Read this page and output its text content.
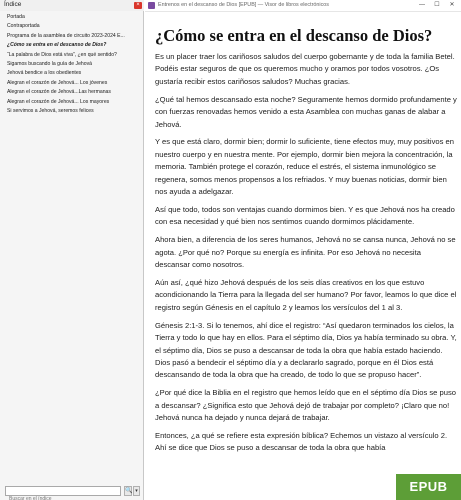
Índice	×
Portada
Contraportada
Programa de la asamblea de circuito 2023-2024 E...
¿Cómo se entra en el descanso de Dios?
“La palabra de Dios está viva”, ¿en qué sentido?
Sigamos buscando la guía de Jehová
Jehová bendice a los obedientes
Alegran el corazón de Jehová... Los jóvenes
Alegran el corazón de Jehová...Las hermanas
Alegran el corazón de Jehová... Los mayores
Si servimos a Jehová, seremos felices
Buscar en el índice
🔍 ▾
Entrenos en el descanso de Dios [EPUB] — Visor de libros electrónicos	—	☐	✕
¿Cómo se entra en el descanso de Dios?

Es un placer traer los cariñosos saludos del cuerpo gobernante y de toda la familia Betel. Podéis estar seguros de que os queremos mucho y oramos por todos vosotros. ¿Os gustaría recibir estos cariñosos saludos? Muchas gracias.

¿Qué tal hemos descansado esta noche? Seguramente hemos dormido profundamente y con fuerzas renovadas hemos venido a esta Asamblea con muchas ganas de alabar a Jehová.

Y es que está claro, dormir bien; dormir lo suficiente, tiene efectos muy, muy positivos en nuestro cuerpo y en nuestra mente. Por ejemplo, dormir bien mejora la concentración, la memoria. También protege el corazón, reduce el estrés, el sistema inmunológico se regenera, somos menos propensos a los refriados. Y muy buenas noticias, dormir bien nos ayuda a adelgazar.

Así que todo, todos son ventajas cuando dormimos bien. Y es que Jehová nos ha creado con esa necesidad y qué bien nos sentimos cuando dormimos plácidamente.

Ahora bien, a diferencia de los seres humanos, Jehová no se cansa nunca, Jehová no se agota. ¿Por qué no? Porque su energía es infinita. Por eso Jehová no necesita descansar como nosotros.

Aún así, ¿qué hizo Jehová después de los seis días creativos en los que estuvo acondicionando la Tierra para la llegada del ser humano? Por favor, leamos lo que dice el registro según Génesis en el capítulo 2 y leamos los versículos del 1 al 3.

Génesis 2:1-3. Si lo tenemos, ahí dice el registro: “Así quedaron terminados los cielos, la Tierra y todo lo que hay en ellos. Para el séptimo día, Dios ya había terminado su obra. Y, el séptimo día, Dios se puso a descansar de toda la obra que había estado haciendo. Dios pasó a bendecir el séptimo día y a declararlo sagrado, porque en él Dios está descansando de toda la obra que ha creado, de todo lo que se propuso hacer”.

¿Por qué dice la Biblia en el registro que hemos leído que en el séptimo día Dios se puso a descansar? ¿Significa esto que Jehová dejó de trabajar por completo? ¡Claro que no! Jehová nunca ha dejado y nunca dejará de trabajar.

Entonces, ¿a qué se refiere esta expresión bíblica? Echemos un vistazo al versículo 2. Ahí se dice que Dios se puso a descansar de toda la obra que había

EPUB
